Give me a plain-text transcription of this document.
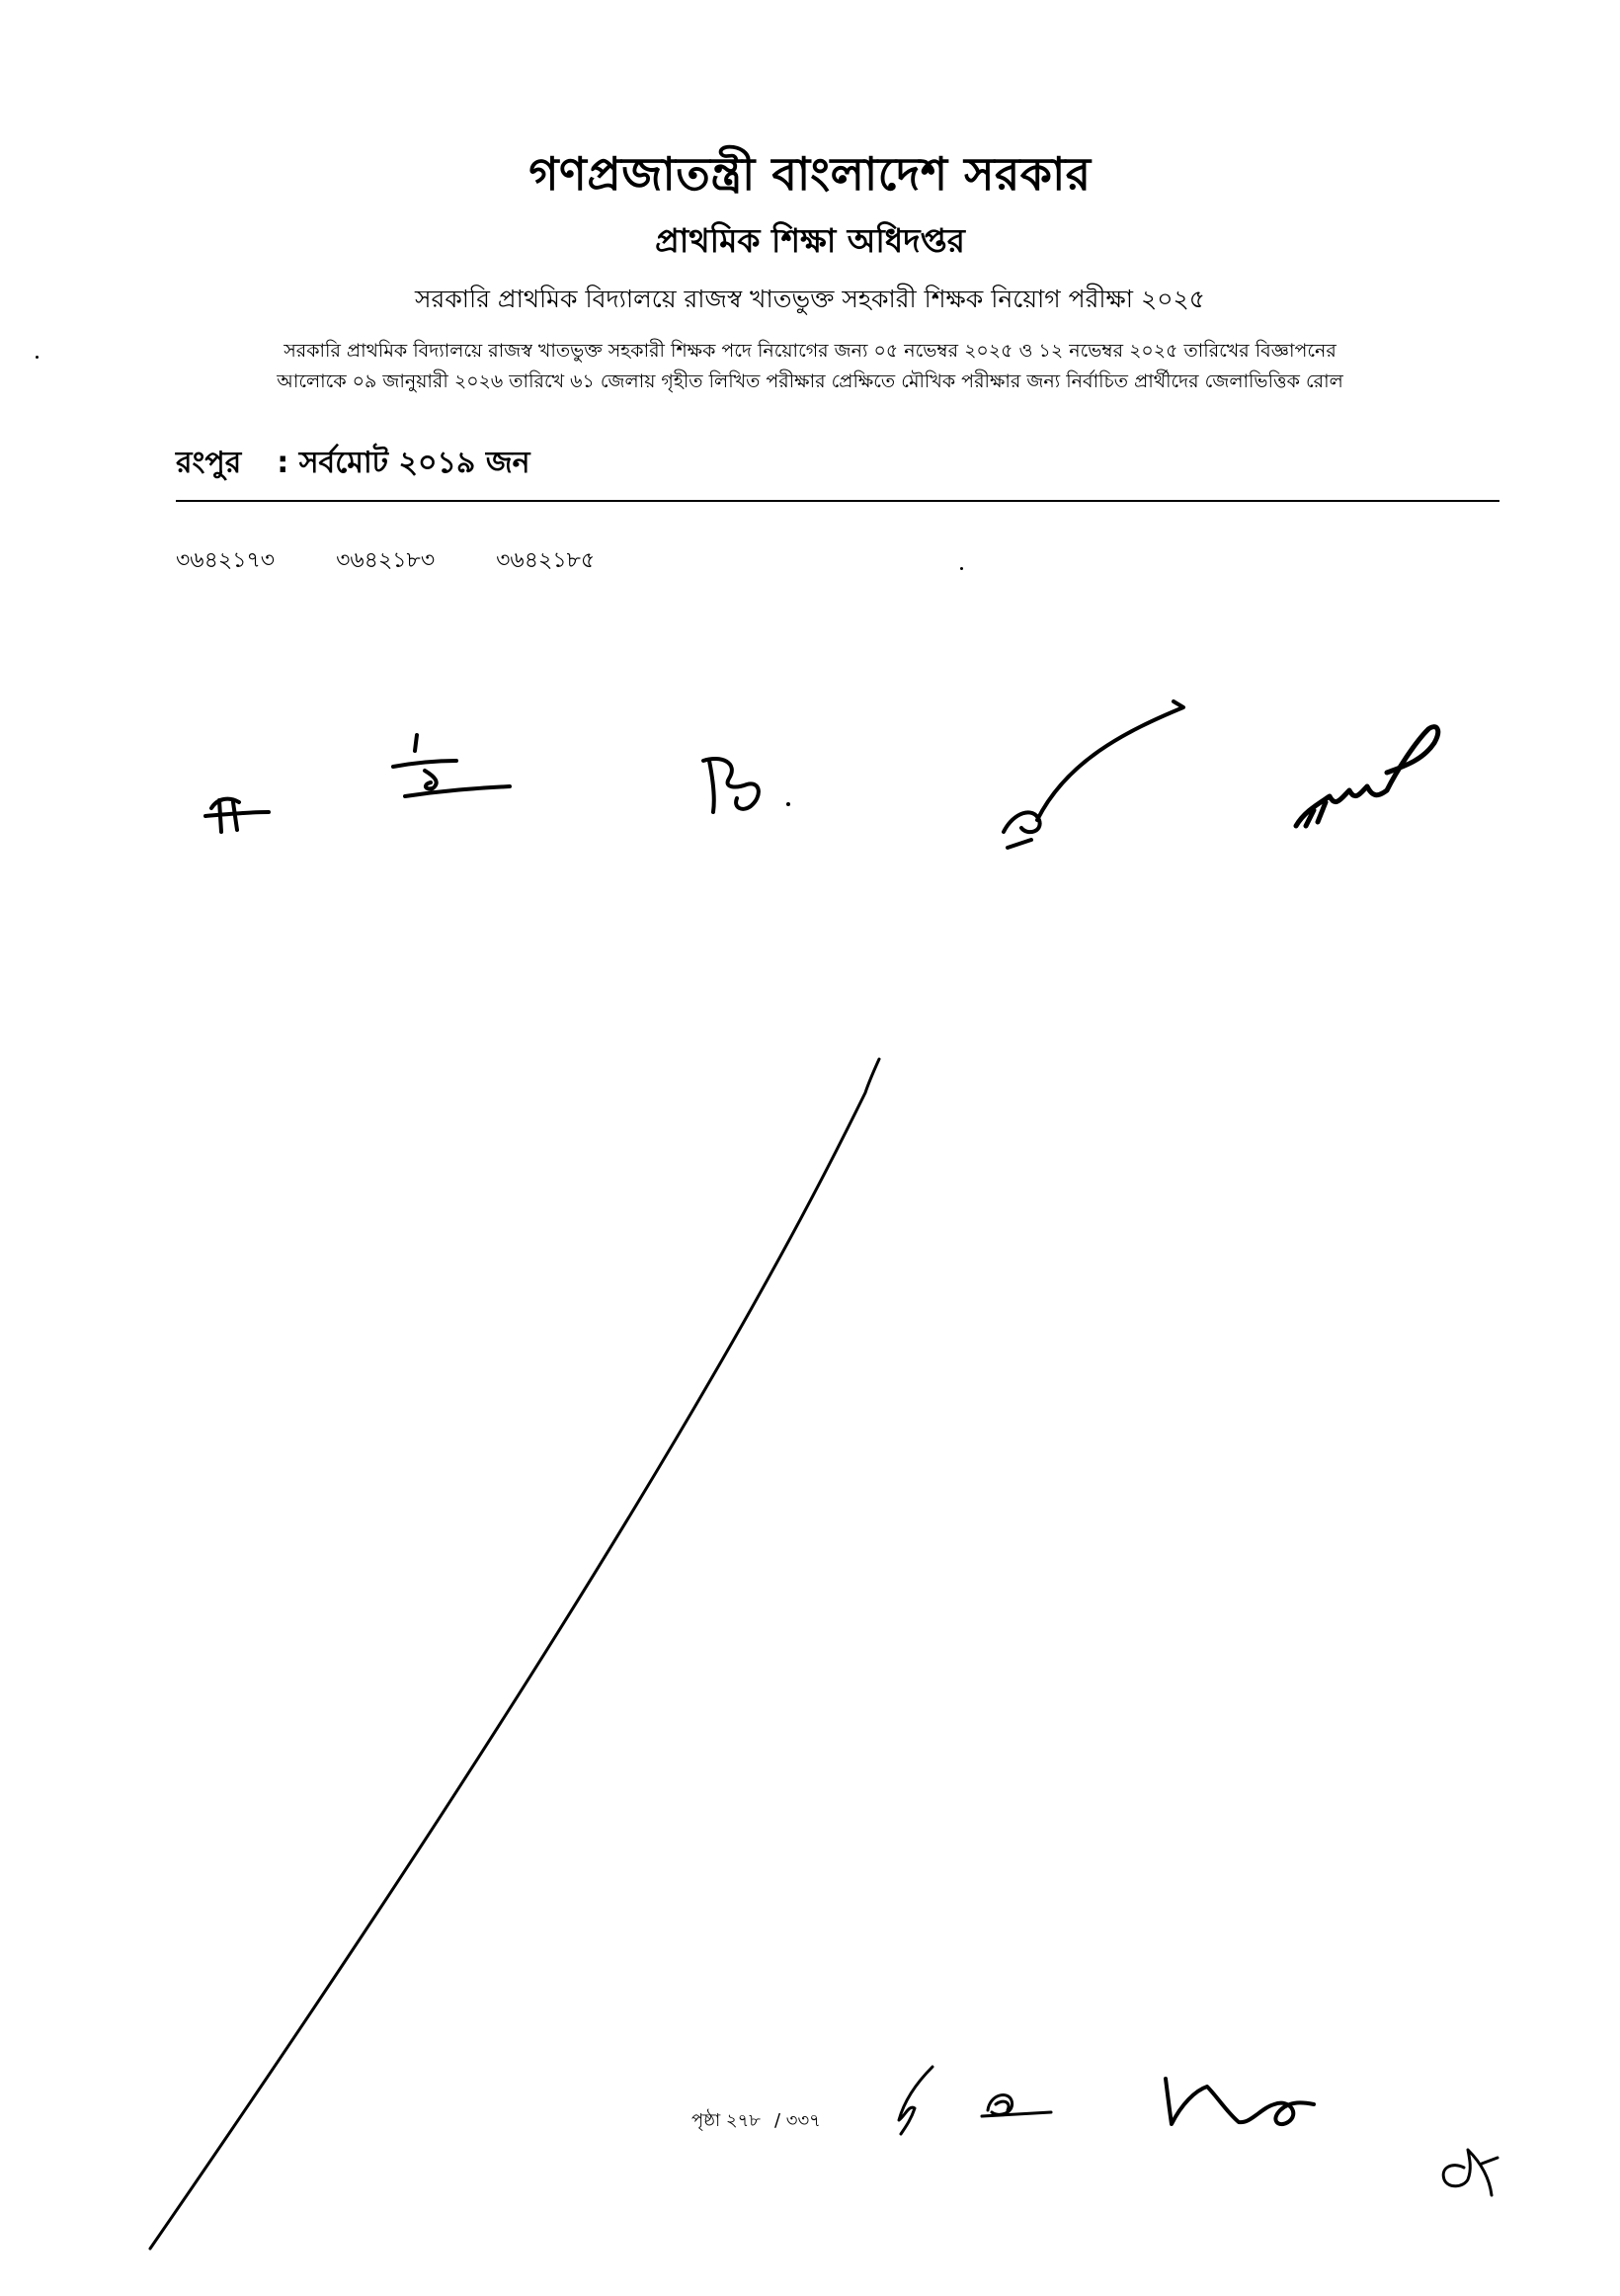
গণপ্রজাতন্ত্রী বাংলাদেশ সরকার
প্রাথমিক শিক্ষা অধিদপ্তর
সরকারি প্রাথমিক বিদ্যালয়ে রাজস্ব খাতভুক্ত সহকারী শিক্ষক নিয়োগ পরীক্ষা ২০২৫
সরকারি প্রাথমিক বিদ্যালয়ে রাজস্ব খাতভুক্ত সহকারী শিক্ষক পদে নিয়োগের জন্য ০৫ নভেম্বর ২০২৫ ও ১২ নভেম্বর ২০২৫ তারিখের বিজ্ঞাপনের
আলোকে ০৯ জানুয়ারী ২০২৬ তারিখে ৬১ জেলায় গৃহীত লিখিত পরীক্ষার প্রেক্ষিতে মৌখিক পরীক্ষার জন্য নির্বাচিত প্রার্থীদের জেলাভিত্তিক রোল
রংপুর : সর্বমোট ২০১৯ জন
৩৬৪২১৭৩	৩৬৪২১৮৩	৩৬৪২১৮৫
পৃষ্ঠা ২৭৮ / ৩৩৭
